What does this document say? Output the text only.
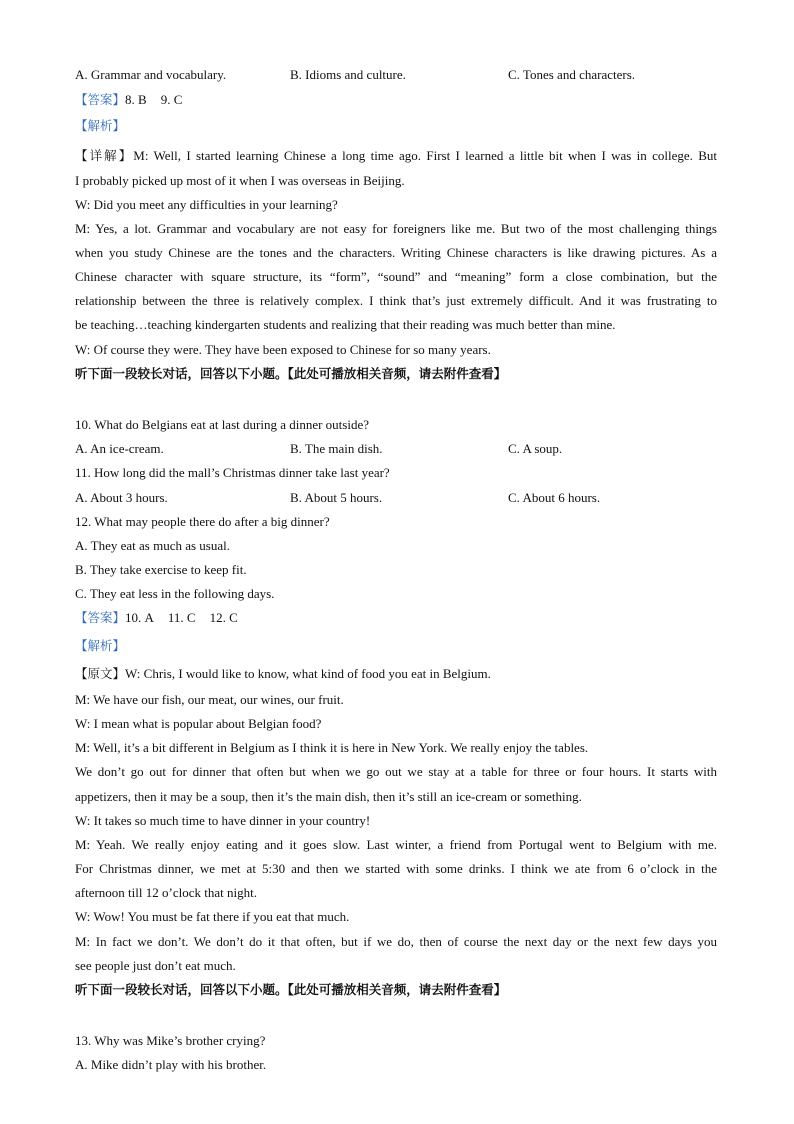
A. Grammar and vocabulary.	B. Idioms and culture.	C. Tones and characters.
【答案】8. B 9. C
【解析】
【详解】M: Well, I started learning Chinese a long time ago. First I learned a little bit when I was in college. But
I probably picked up most of it when I was overseas in Beijing.
W: Did you meet any difficulties in your learning?
M: Yes, a lot. Grammar and vocabulary are not easy for foreigners like me. But two of the most challenging things
when you study Chinese are the tones and the characters. Writing Chinese characters is like drawing pictures. As a
Chinese character with square structure, its “form”, “sound” and “meaning” form a close combination, but the
relationship between the three is relatively complex. I think that’s just extremely difficult. And it was frustrating to
be teaching…teaching kindergarten students and realizing that their reading was much better than mine.
W: Of course they were. They have been exposed to Chinese for so many years.
听下面一段较长对话，回答以下小题。【此处可播放相关音频，请去附件查看】
10. What do Belgians eat at last during a dinner outside?
A. An ice-cream.	B. The main dish.	C. A soup.
11. How long did the mall’s Christmas dinner take last year?
A. About 3 hours.	B. About 5 hours.	C. About 6 hours.
12. What may people there do after a big dinner?
A. They eat as much as usual.
B. They take exercise to keep fit.
C. They eat less in the following days.
【答案】10. A 11. C 12. C
【解析】
【原文】W: Chris, I would like to know, what kind of food you eat in Belgium.
M: We have our fish, our meat, our wines, our fruit.
W: I mean what is popular about Belgian food?
M: Well, it’s a bit different in Belgium as I think it is here in New York. We really enjoy the tables.
We don’t go out for dinner that often but when we go out we stay at a table for three or four hours. It starts with
appetizers, then it may be a soup, then it’s the main dish, then it’s still an ice-cream or something.
W: It takes so much time to have dinner in your country!
M: Yeah. We really enjoy eating and it goes slow. Last winter, a friend from Portugal went to Belgium with me.
For Christmas dinner, we met at 5:30 and then we started with some drinks. I think we ate from 6 o’clock in the
afternoon till 12 o’clock that night.
W: Wow! You must be fat there if you eat that much.
M: In fact we don’t. We don’t do it that often, but if we do, then of course the next day or the next few days you
see people just don’t eat much.
听下面一段较长对话，回答以下小题。【此处可播放相关音频，请去附件查看】
13. Why was Mike’s brother crying?
A. Mike didn’t play with his brother.
